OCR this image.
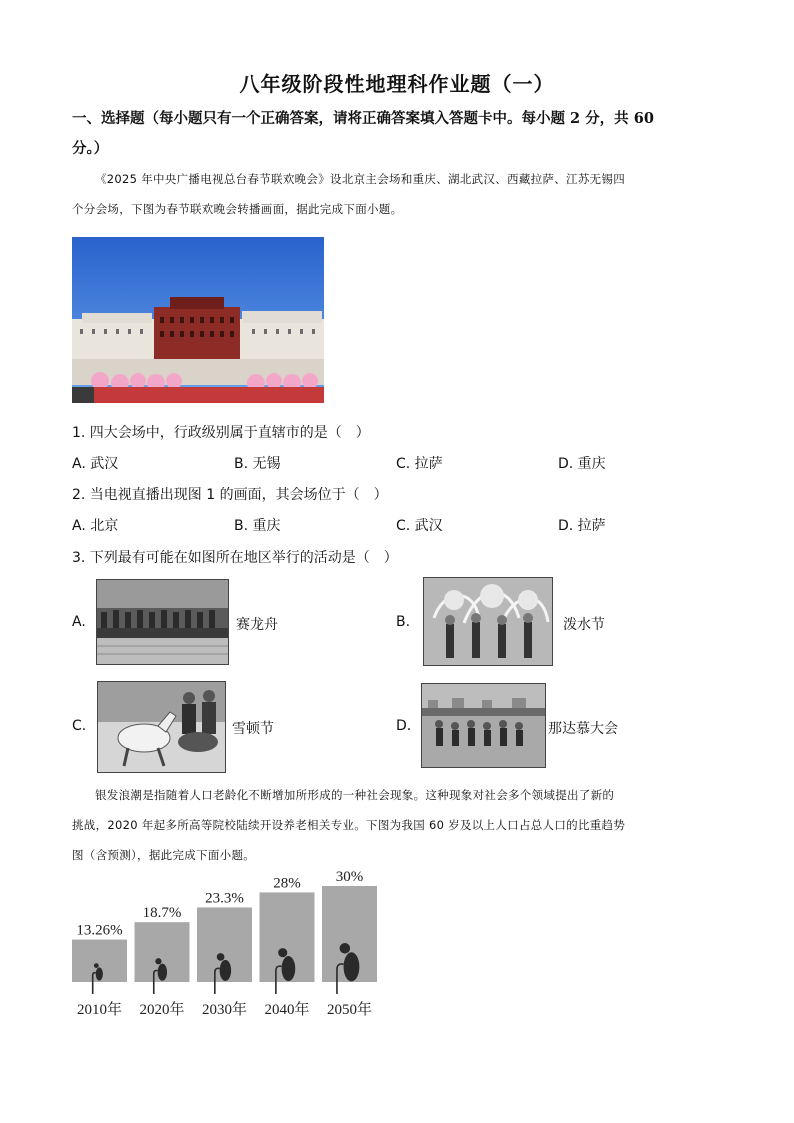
八年级阶段性地理科作业题（一）
一、选择题（每小题只有一个正确答案，请将正确答案填入答题卡中。每小题 2 分，共 60
分。）
《2025 年中央广播电视总台春节联欢晚会》设北京主会场和重庆、湖北武汉、西藏拉萨、江苏无锡四
个分会场，下图为春节联欢晚会转播画面，据此完成下面小题。
1. 四大会场中，行政级别属于直辖市的是（　）
A. 武汉	B. 无锡	C. 拉萨	D. 重庆
2. 当电视直播出现图 1 的画面，其会场位于（　）
A. 北京	B. 重庆	C. 武汉	D. 拉萨
3. 下列最有可能在如图所在地区举行的活动是（　）
A.	赛龙舟	B.	泼水节
C.	雪顿节	D.	那达慕大会
银发浪潮是指随着人口老龄化不断增加所形成的一种社会现象。这种现象对社会多个领域提出了新的
挑战，2020 年起多所高等院校陆续开设养老相关专业。下图为我国 60 岁及以上人口占总人口的比重趋势
图（含预测），据此完成下面小题。
13.26%
2010年
18.7%
2020年
23.3%
2030年
28%
2040年
30%
2050年
